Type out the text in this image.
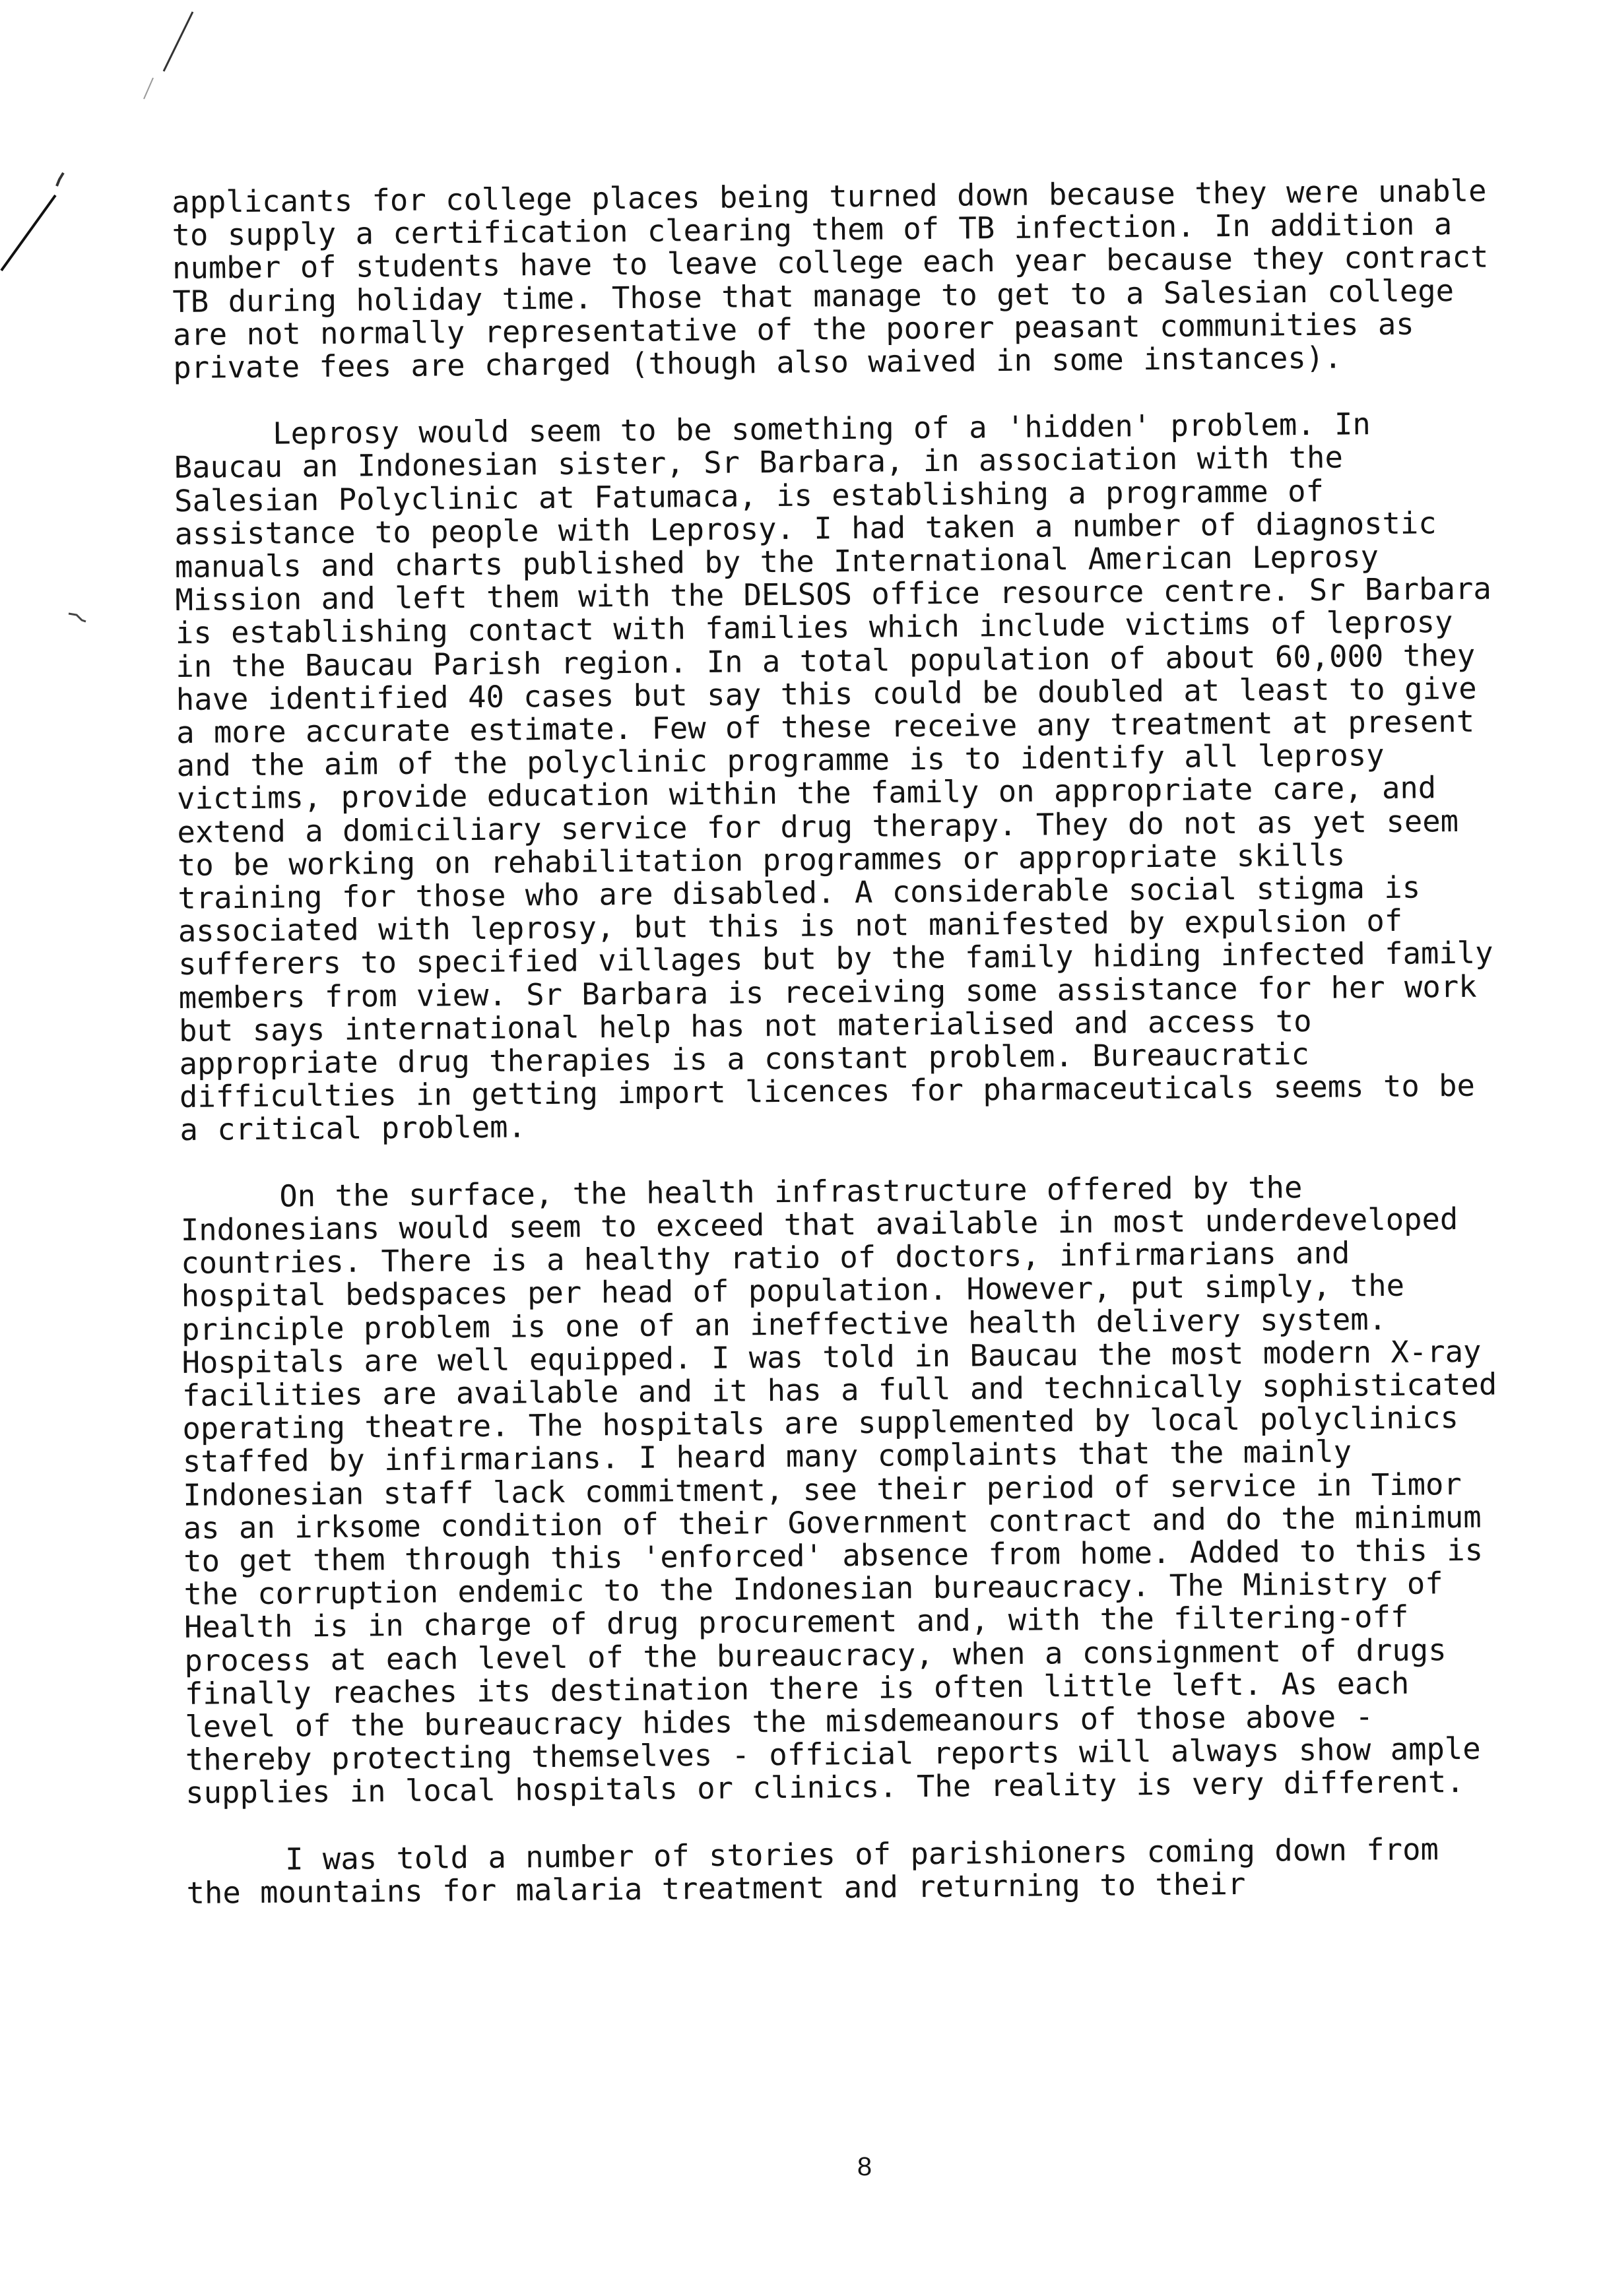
applicants for college places being turned down because they were unable to supply a certification clearing them of TB infection. In addition a number of students have to leave college each year because they contract TB during holiday time. Those that manage to get to a Salesian college are not normally representative of the poorer peasant communities as private fees are charged (though also waived in some instances).

Leprosy would seem to be something of a 'hidden' problem. In Baucau an Indonesian sister, Sr Barbara, in association with the Salesian Polyclinic at Fatumaca, is establishing a programme of assistance to people with Leprosy. I had taken a number of diagnostic manuals and charts published by the International American Leprosy Mission and left them with the DELSOS office resource centre. Sr Barbara is establishing contact with families which include victims of leprosy in the Baucau Parish region. In a total population of about 60,000 they have identified 40 cases but say this could be doubled at least to give a more accurate estimate. Few of these receive any treatment at present and the aim of the polyclinic programme is to identify all leprosy victims, provide education within the family on appropriate care, and extend a domiciliary service for drug therapy. They do not as yet seem to be working on rehabilitation programmes or appropriate skills training for those who are disabled. A considerable social stigma is associated with leprosy, but this is not manifested by expulsion of sufferers to specified villages but by the family hiding infected family members from view. Sr Barbara is receiving some assistance for her work but says international help has not materialised and access to appropriate drug therapies is a constant problem. Bureaucratic difficulties in getting import licences for pharmaceuticals seems to be a critical problem.

On the surface, the health infrastructure offered by the Indonesians would seem to exceed that available in most underdeveloped countries. There is a healthy ratio of doctors, infirmarians and hospital bedspaces per head of population. However, put simply, the principle problem is one of an ineffective health delivery system. Hospitals are well equipped. I was told in Baucau the most modern X-ray facilities are available and it has a full and technically sophisticated operating theatre. The hospitals are supplemented by local polyclinics staffed by infirmarians. I heard many complaints that the mainly Indonesian staff lack commitment, see their period of service in Timor as an irksome condition of their Government contract and do the minimum to get them through this 'enforced' absence from home. Added to this is the corruption endemic to the Indonesian bureaucracy. The Ministry of Health is in charge of drug procurement and, with the filtering-off process at each level of the bureaucracy, when a consignment of drugs finally reaches its destination there is often little left. As each level of the bureaucracy hides the misdemeanours of those above - thereby protecting themselves - official reports will always show ample supplies in local hospitals or clinics. The reality is very different.

I was told a number of stories of parishioners coming down from the mountains for malaria treatment and returning to their

8
